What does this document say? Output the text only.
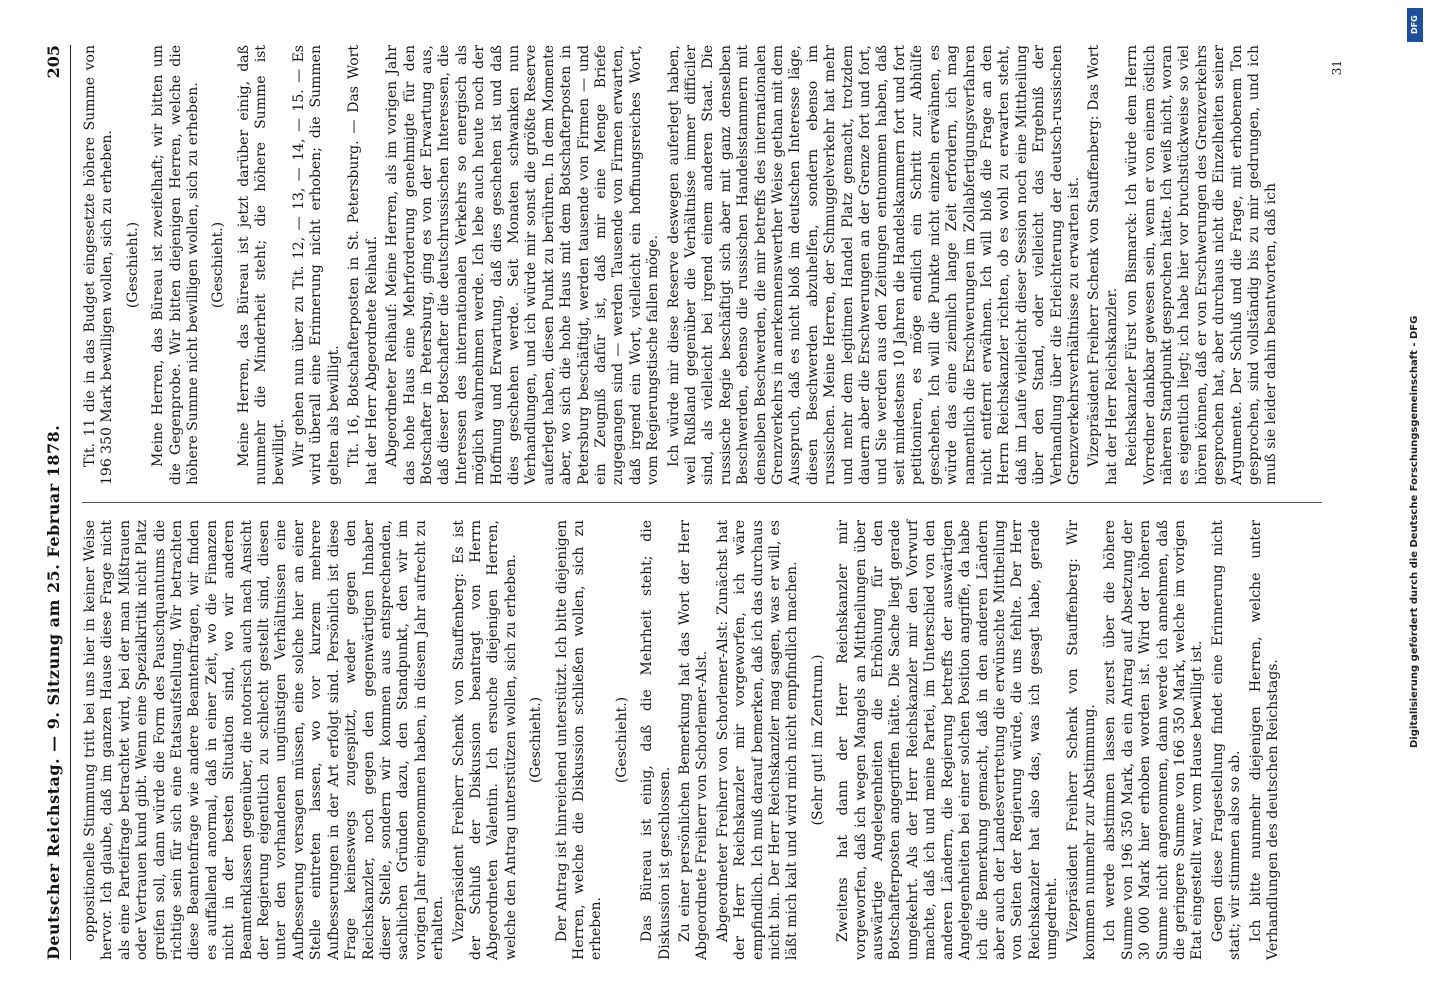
Deutscher Reichstag. — 9. Sitzung am 25. Februar 1878.
205

oppositionelle Stimmung tritt bei uns hier in keiner Weise hervor. Ich glaube, daß im ganzen Hause diese Frage nicht als eine Parteifrage betrachtet wird, bei der man Mißtrauen oder Vertrauen kund gibt. Wenn eine Spezialkritik nicht Platz greifen soll, dann würde die Form des Pauschquantums die richtige sein für sich eine Etatsaufstellung. Wir betrachten diese Beamtenfrage wie andere Beamtenfragen, wir finden es auffallend anormal, daß in einer Zeit, wo die Finanzen nicht in der besten Situation sind, wo wir anderen Beamtenklassen gegenüber, die notorisch auch nach Ansicht der Regierung eigentlich zu schlecht gestellt sind, diesen unter den vorhandenen ungünstigen Verhältnissen eine Aufbesserung versagen müssen, eine solche hier an einer Stelle eintreten lassen, wo vor kurzem mehrere Aufbesserungen in der Art erfolgt sind. Persönlich ist diese Frage keineswegs zugespitzt, weder gegen den Reichskanzler, noch gegen den gegenwärtigen Inhaber dieser Stelle, sondern wir kommen aus entsprechenden, sachlichen Gründen dazu, den Standpunkt, den wir im vorigen Jahr eingenommen haben, in diesem Jahr aufrecht zu erhalten. Vizepräsident Freiherr Schenk von Stauffenberg: Es ist der Schluß der Diskussion beantragt von Herrn Abgeordneten Valentin. Ich ersuche diejenigen Herren, welche den Antrag unterstützen wollen, sich zu erheben. (Geschieht.) Der Antrag ist hinreichend unterstützt. Ich bitte diejenigen Herren, welche die Diskussion schließen wollen, sich zu erheben.

(Geschieht.) Das Büreau ist einig, daß die Mehrheit steht; die Diskussion ist geschlossen. Zu einer persönlichen Bemerkung hat das Wort der Herr Abgeordnete Freiherr von Schorlemer-Alst. Abgeordneter Freiherr von Schorlemer-Alst: Zunächst hat der Herr Reichskanzler mir vorgeworfen, ich wäre empfindlich. Ich muß darauf bemerken, daß ich das durchaus nicht bin. Der Herr Reichskanzler mag sagen, was er will, es läßt mich kalt und wird mich nicht empfindlich machen. (Sehr gut! im Zentrum.) Zweitens hat dann der Herr Reichskanzler mir vorgeworfen, daß ich wegen Mangels an Mittheilungen über auswärtige Angelegenheiten die Erhöhung für den Botschafterposten angegriffen hätte. Die Sache liegt gerade umgekehrt. Als der Herr Reichskanzler mir den Vorwurf machte, daß ich und meine Partei, im Unterschied von den anderen Ländern, die Regierung betreffs der auswärtigen Angelegenheiten bei einer solchen Position angriffe, da habe ich die Bemerkung gemacht, daß in den anderen Ländern aber auch der Landesvertretung die erwünschte Mittheilung von Seiten der Regierung würde, die uns fehlte. Der Herr Reichskanzler hat also das, was ich gesagt habe, gerade umgedreht. Vizepräsident Freiherr Schenk von Stauffenberg: Wir kommen nunmehr zur Abstimmung. Ich werde abstimmen lassen zuerst über die höhere Summe von 196 350 Mark, da ein Antrag auf Absetzung der 30 000 Mark hier erhoben worden ist. Wird der höheren Summe nicht angenommen, dann werde ich annehmen, daß die geringere Summe von 166 350 Mark, welche im vorigen Etat eingestellt war, vom Hause bewilligt ist. Gegen diese Fragestellung findet eine Erinnerung nicht statt; wir stimmen also so ab. Ich bitte nunmehr diejenigen Herren, welche unter Verhandlungen des deutschen Reichstags.

Tit. 11 die in das Budget eingesetzte höhere Summe von 196 350 Mark bewilligen wollen, sich zu erheben. (Geschieht.) Meine Herren, das Büreau ist zweifelhaft; wir bitten um die Gegenprobe. Wir bitten diejenigen Herren, welche die höhere Summe nicht bewilligen wollen, sich zu erheben. (Geschieht.) Meine Herren, das Büreau ist jetzt darüber einig, daß nunmehr die Minderheit steht; die höhere Summe ist bewilligt. Wir gehen nun über zu Tit. 12, — 13, — 14, — 15. — Es wird überall eine Erinnerung nicht erhoben; die Summen gelten als bewilligt. Tit. 16, Botschafterposten in St. Petersburg. — Das Wort hat der Herr Abgeordnete Reihauf. Abgeordneter Reihauf: Meine Herren, als im vorigen Jahr das hohe Haus eine Mehrforderung genehmigte für den Botschafter in Petersburg, ging es von der Erwartung aus, daß dieser Botschafter die deutschrussischen Interessen, die Interessen des internationalen Verkehrs so energisch als möglich wahrnehmen werde. Ich lebe auch heute noch der Hoffnung und Erwartung, daß dies geschehen ist und daß dies geschehen werde. Seit Monaten schwanken nun Verhandlungen, und ich würde mir sonst die größte Reserve auferlegt haben, diesen Punkt zu berühren. In dem Momente aber, wo sich die hohe Haus mit dem Botschafterposten in Petersburg beschäftigt, werden tausende von Firmen — und ein Zeugniß dafür ist, daß mir eine Menge Briefe zugegangen sind — werden Tausende von Firmen erwarten, daß irgend ein Wort, vielleicht ein hoffnungsreiches Wort, vom Regierungstische fallen möge. Ich würde mir diese Reserve deswegen auferlegt haben, weil Rußland gegenüber die Verhältnisse immer difficiler sind, als vielleicht bei irgend einem anderen Staat. Die russische Regie beschäftigt sich aber mit ganz denselben Beschwerden, ebenso die russischen Handelsstammern mit denselben Beschwerden, die mir betreffs des internationalen Grenzverkehrs in anerkennenswerther Weise gethan mit dem Ausspruch, daß es nicht bloß im deutschen Interesse läge, diesen Beschwerden abzuhelfen, sondern ebenso im russischen. Meine Herren, der Schmuggelverkehr hat mehr und mehr dem legitimen Handel Platz gemacht, trotzdem dauern aber die Erschwerungen an der Grenze fort und fort, und Sie werden aus den Zeitungen entnommen haben, daß seit mindestens 10 Jahren die Handelskammern fort und fort petitioniren, es möge endlich ein Schritt zur Abhülfe geschehen. Ich will die Punkte nicht einzeln erwähnen, es würde das eine ziemlich lange Zeit erfordern, ich mag namentlich die Erschwerungen im Zollabfertigungsverfahren nicht entfernt erwähnen. Ich will bloß die Frage an den Herrn Reichskanzler richten, ob es wohl zu erwarten steht, daß im Laufe vielleicht dieser Session noch eine Mittheilung über den Stand, oder vielleicht das Ergebniß der Verhandlung über die Erleichterung der deutsch-russischen Grenzverkehrsverhältnisse zu erwarten ist. Vizepräsident Freiherr Schenk von Stauffenberg: Das Wort hat der Herr Reichskanzler. Reichskanzler Fürst von Bismarck: Ich würde dem Herrn Vorredner dankbar gewesen sein, wenn er von einem östlich näheren Standpunkt gesprochen hätte. Ich weiß nicht, woran es eigentlich liegt; ich habe hier vor bruchstückweise so viel hören können, daß er von Erschwerungen des Grenzverkehrs gesprochen hat, aber durchaus nicht die Einzelheiten seiner Argumente. Der Schluß und die Frage, mit erhobenem Ton gesprochen, sind vollständig bis zu mir gedrungen, und ich muß sie leider dahin beantworten, daß ich

31
DFG
Digitalisierung gefördert durch die Deutsche Forschungsgemeinschaft - DFG
